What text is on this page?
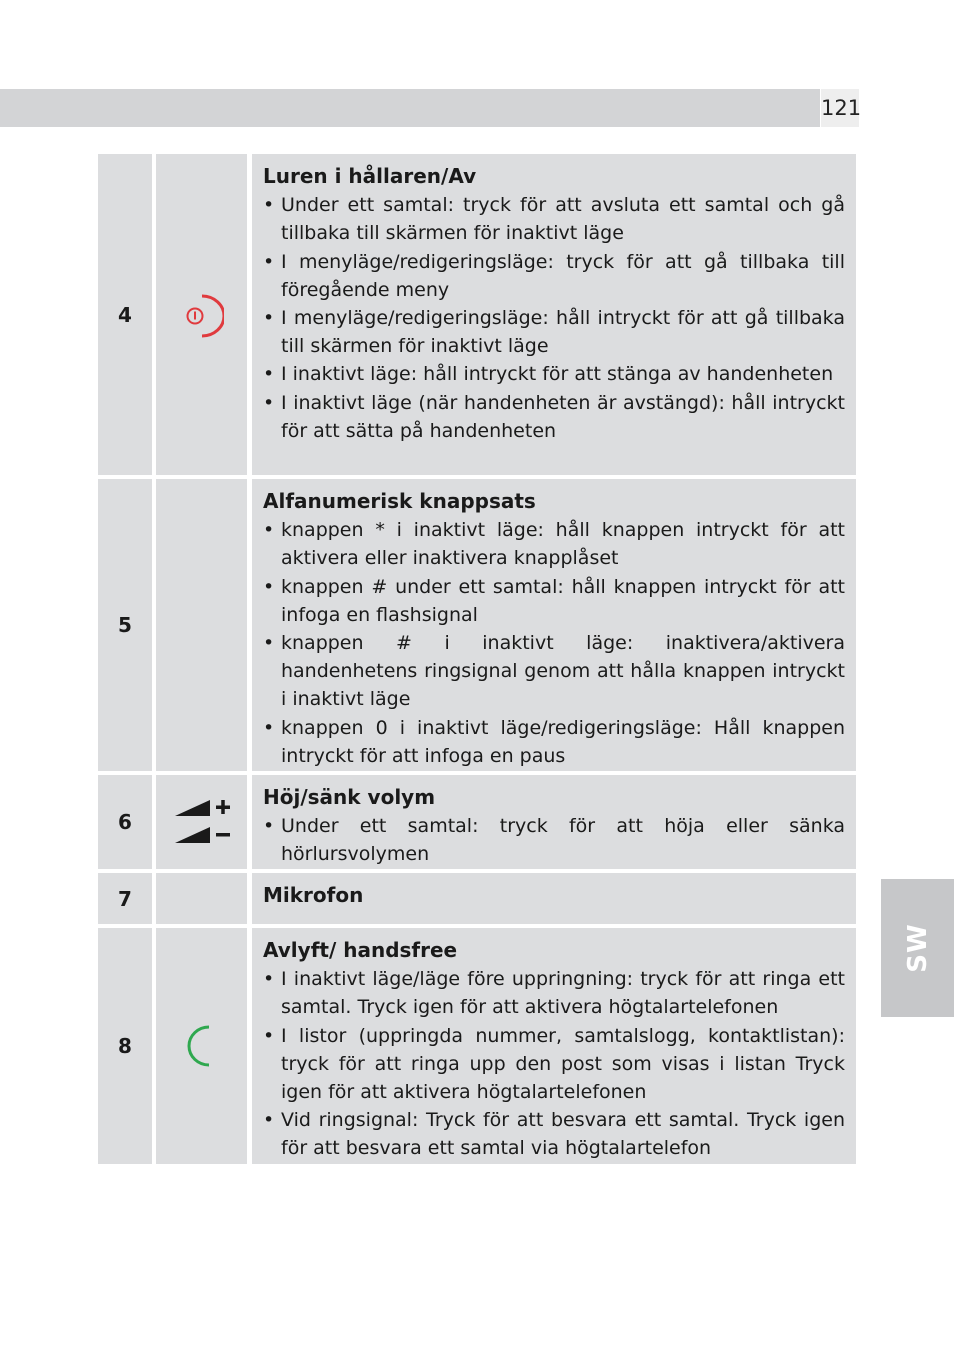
121
SW
4
Luren i hållaren/Av
• Under ett samtal: tryck för att avsluta ett samtal och gå tillbaka till skärmen för inaktivt läge
• I menyläge/redigeringsläge: tryck för att gå tillbaka till föregående meny
• I menyläge/redigeringsläge: håll intryckt för att gå tillbaka till skärmen för inaktivt läge
• I inaktivt läge: håll intryckt för att stänga av handenheten
• I inaktivt läge (när handenheten är avstängd): håll intryckt för att sätta på handenheten
5
Alfanumerisk knappsats
• knappen * i inaktivt läge: håll knappen intryckt för att aktivera eller inaktivera knapplåset
• knappen # under ett samtal: håll knappen intryckt för att infoga en flashsignal
• knappen # i inaktivt läge: inaktivera/aktivera handenhetens ringsignal genom att hålla knappen intryckt i inaktivt läge
• knappen 0 i inaktivt läge/redigeringsläge: Håll knappen intryckt för att infoga en paus
6
Höj/sänk volym
• Under ett samtal: tryck för att höja eller sänka hörlursvolymen
7	Mikrofon
8
Avlyft/ handsfree
• I inaktivt läge/läge före uppringning: tryck för att ringa ett samtal. Tryck igen för att aktivera högtalartelefonen
• I listor (uppringda nummer, samtalslogg, kontaktlistan): tryck för att ringa upp den post som visas i listan Tryck igen för att aktivera högtalartelefonen
• Vid ringsignal: Tryck för att besvara ett samtal. Tryck igen för att besvara ett samtal via högtalartelefon
